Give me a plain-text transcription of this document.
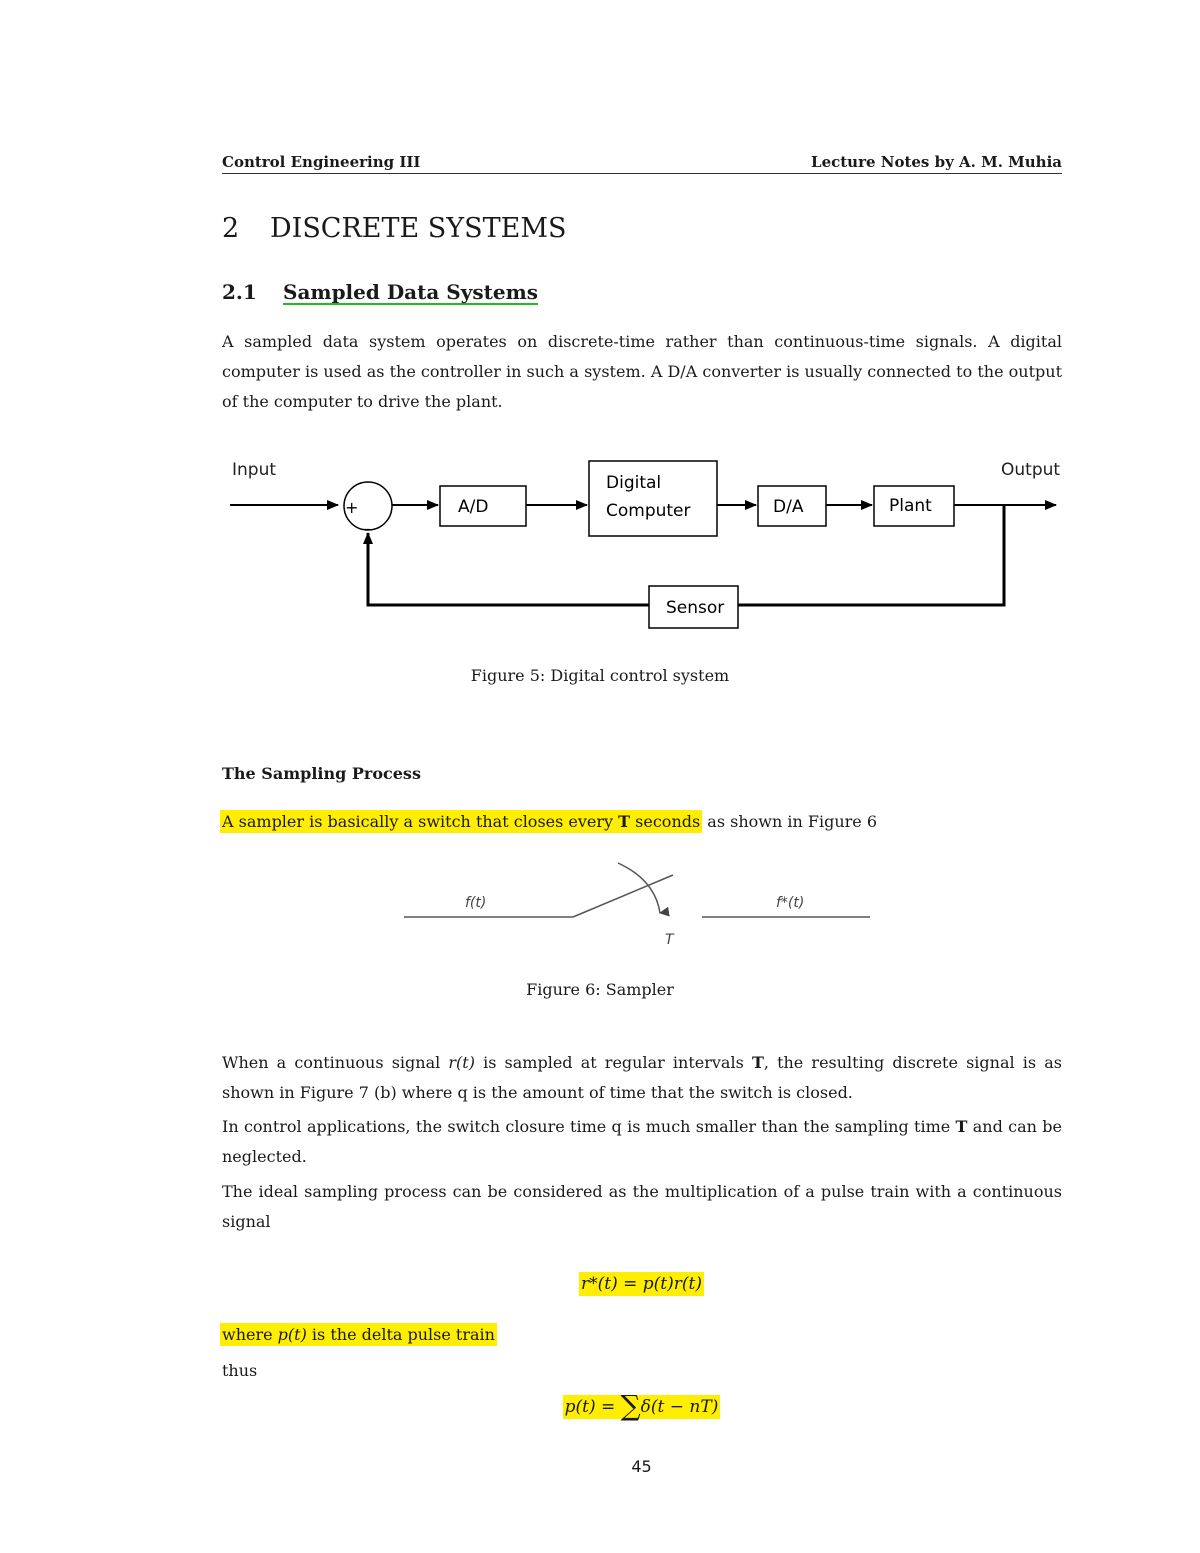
Control Engineering III	Lecture Notes by A. M. Muhia
2 DISCRETE SYSTEMS
2.1 Sampled Data Systems
A sampled data system operates on discrete-time rather than continuous-time signals. A digital computer is used as the controller in such a system. A D/A converter is usually connected to the output of the computer to drive the plant.
Input	Output
+
_
A/D
Digital
Computer	D/A	Plant
Sensor
Figure 5: Digital control system
The Sampling Process
A sampler is basically a switch that closes every T seconds as shown in Figure 6
f(t)	f*(t)
T
Figure 6: Sampler
When a continuous signal r(t) is sampled at regular intervals T, the resulting discrete signal is as shown in Figure 7 (b) where q is the amount of time that the switch is closed.
In control applications, the switch closure time q is much smaller than the sampling time T and can be neglected.
The ideal sampling process can be considered as the multiplication of a pulse train with a continuous signal
r*(t) = p(t)r(t)
where p(t) is the delta pulse train
thus
p(t) = ∑δ(t − nT)
45
